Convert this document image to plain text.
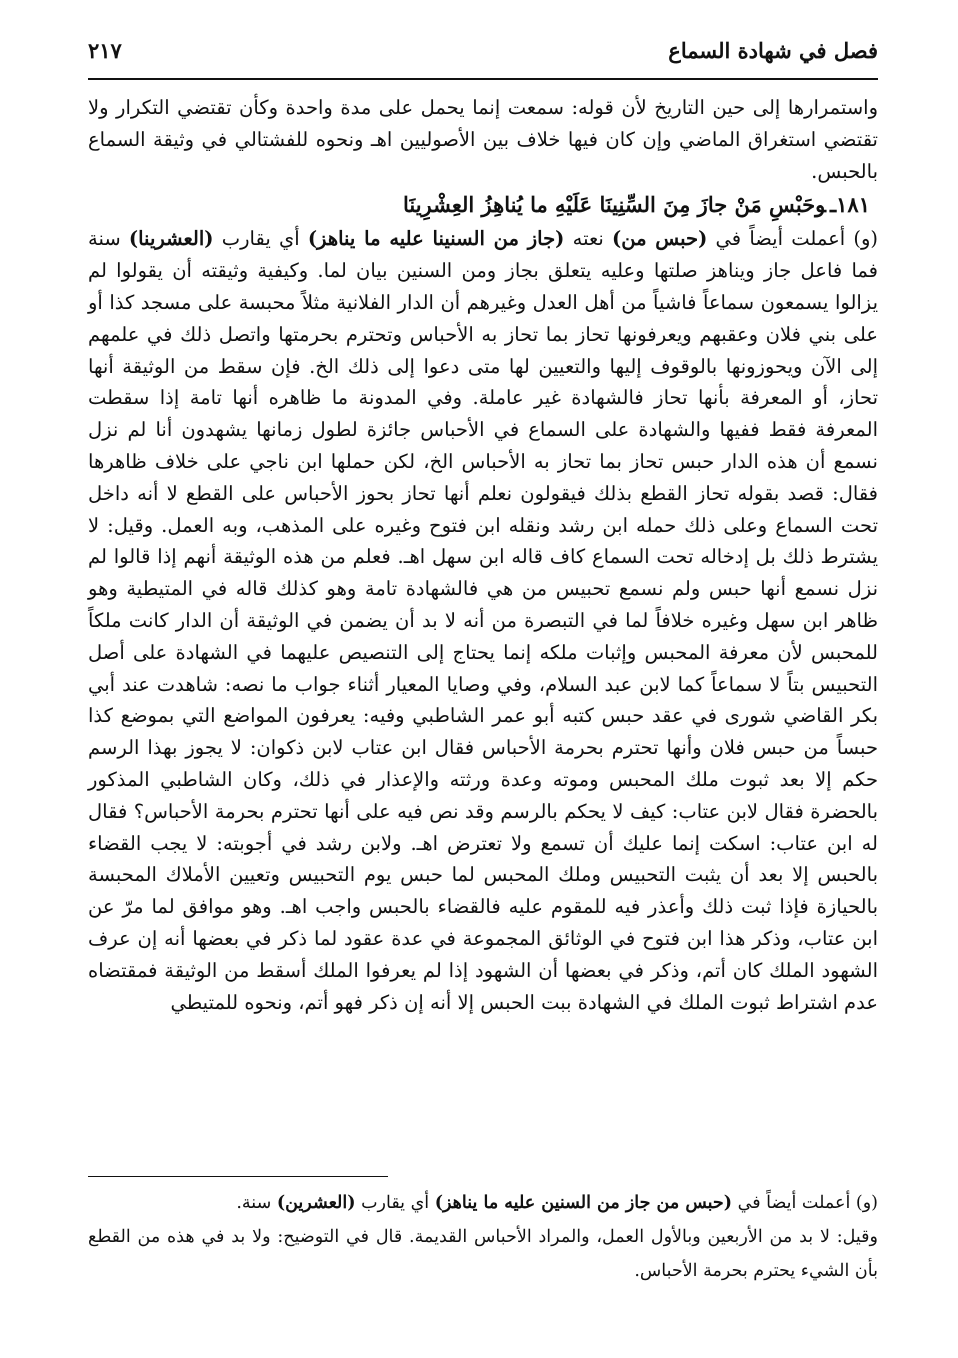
فصل في شهادة السماع
٢١٧

واستمرارها إلى حين التاريخ لأن قوله: سمعت إنما يحمل على مدة واحدة وكأن تقتضي التكرار ولا تقتضي استغراق الماضي وإن كان فيها خلاف بين الأصوليين اهـ ونحوه للفشتالي في وثيقة السماع بالحبس.

١٨١ـوحَبْسِ مَنْ جازَ مِنَ السِّنِينَا عَلَيْهِ ما يُناهِزُ العِشْرِينَا

(و) أعملت أيضاً في (حبس من) نعته (جاز من السنينا عليه ما يناهز) أي يقارب (العشرينا) سنة فما فاعل جاز ويناهز صلتها وعليه يتعلق بجاز ومن السنين بيان لما. وكيفية وثيقته أن يقولوا لم يزالوا يسمعون سماعاً فاشياً من أهل العدل وغيرهم أن الدار الفلانية مثلاً محبسة على مسجد كذا أو على بني فلان وعقبهم ويعرفونها تحاز بما تحاز به الأحباس وتحترم بحرمتها واتصل ذلك في علمهم إلى الآن ويحوزونها بالوقوف إليها والتعيين لها متى دعوا إلى ذلك الخ. فإن سقط من الوثيقة أنها تحاز، أو المعرفة بأنها تحاز فالشهادة غير عاملة. وفي المدونة ما ظاهره أنها تامة إذا سقطت المعرفة فقط ففيها والشهادة على السماع في الأحباس جائزة لطول زمانها يشهدون أنا لم نزل نسمع أن هذه الدار حبس تحاز بما تحاز به الأحباس الخ، لكن حملها ابن ناجي على خلاف ظاهرها فقال: قصد بقوله تحاز القطع بذلك فيقولون نعلم أنها تحاز بحوز الأحباس على القطع لا أنه داخل تحت السماع وعلى ذلك حمله ابن رشد ونقله ابن فتوح وغيره على المذهب، وبه العمل. وقيل: لا يشترط ذلك بل إدخاله تحت السماع كاف قاله ابن سهل اهـ. فعلم من هذه الوثيقة أنهم إذا قالوا لم نزل نسمع أنها حبس ولم نسمع تحبيس من هي فالشهادة تامة وهو كذلك قاله في المتيطية وهو ظاهر ابن سهل وغيره خلافاً لما في التبصرة من أنه لا بد أن يضمن في الوثيقة أن الدار كانت ملكاً للمحبس لأن معرفة المحبس وإثبات ملكه إنما يحتاج إلى التنصيص عليهما في الشهادة على أصل التحبيس بتاً لا سماعاً كما لابن عبد السلام، وفي وصايا المعيار أثناء جواب ما نصه: شاهدت عند أبي بكر القاضي شورى في عقد حبس كتبه أبو عمر الشاطبي وفيه: يعرفون المواضع التي بموضع كذا حبساً من حبس فلان وأنها تحترم بحرمة الأحباس فقال ابن عتاب لابن ذكوان: لا يجوز بهذا الرسم حكم إلا بعد ثبوت ملك المحبس وموته وعدة ورثته والإعذار في ذلك، وكان الشاطبي المذكور بالحضرة فقال لابن عتاب: كيف لا يحكم بالرسم وقد نص فيه على أنها تحترم بحرمة الأحباس؟ فقال له ابن عتاب: اسكت إنما عليك أن تسمع ولا تعترض اهـ. ولابن رشد في أجوبته: لا يجب القضاء بالحبس إلا بعد أن يثبت التحبيس وملك المحبس لما حبس يوم التحبيس وتعيين الأملاك المحبسة بالحيازة فإذا ثبت ذلك وأعذر فيه للمقوم عليه فالقضاء بالحبس واجب اهـ. وهو موافق لما مرّ عن ابن عتاب، وذكر هذا ابن فتوح في الوثائق المجموعة في عدة عقود لما ذكر في بعضها أنه إن عرف الشهود الملك كان أتم، وذكر في بعضها أن الشهود إذا لم يعرفوا الملك أسقط من الوثيقة فمقتضاه عدم اشتراط ثبوت الملك في الشهادة ببت الحبس إلا أنه إن ذكر فهو أتم، ونحوه للمتيطي

(و) أعملت أيضاً في (حبس من جاز من السنين عليه ما يناهز) أي يقارب (العشرين) سنة.

وقيل: لا بد من الأربعين وبالأول العمل، والمراد الأحباس القديمة. قال في التوضيح: ولا بد في هذه من القطع بأن الشيء يحترم بحرمة الأحباس.
